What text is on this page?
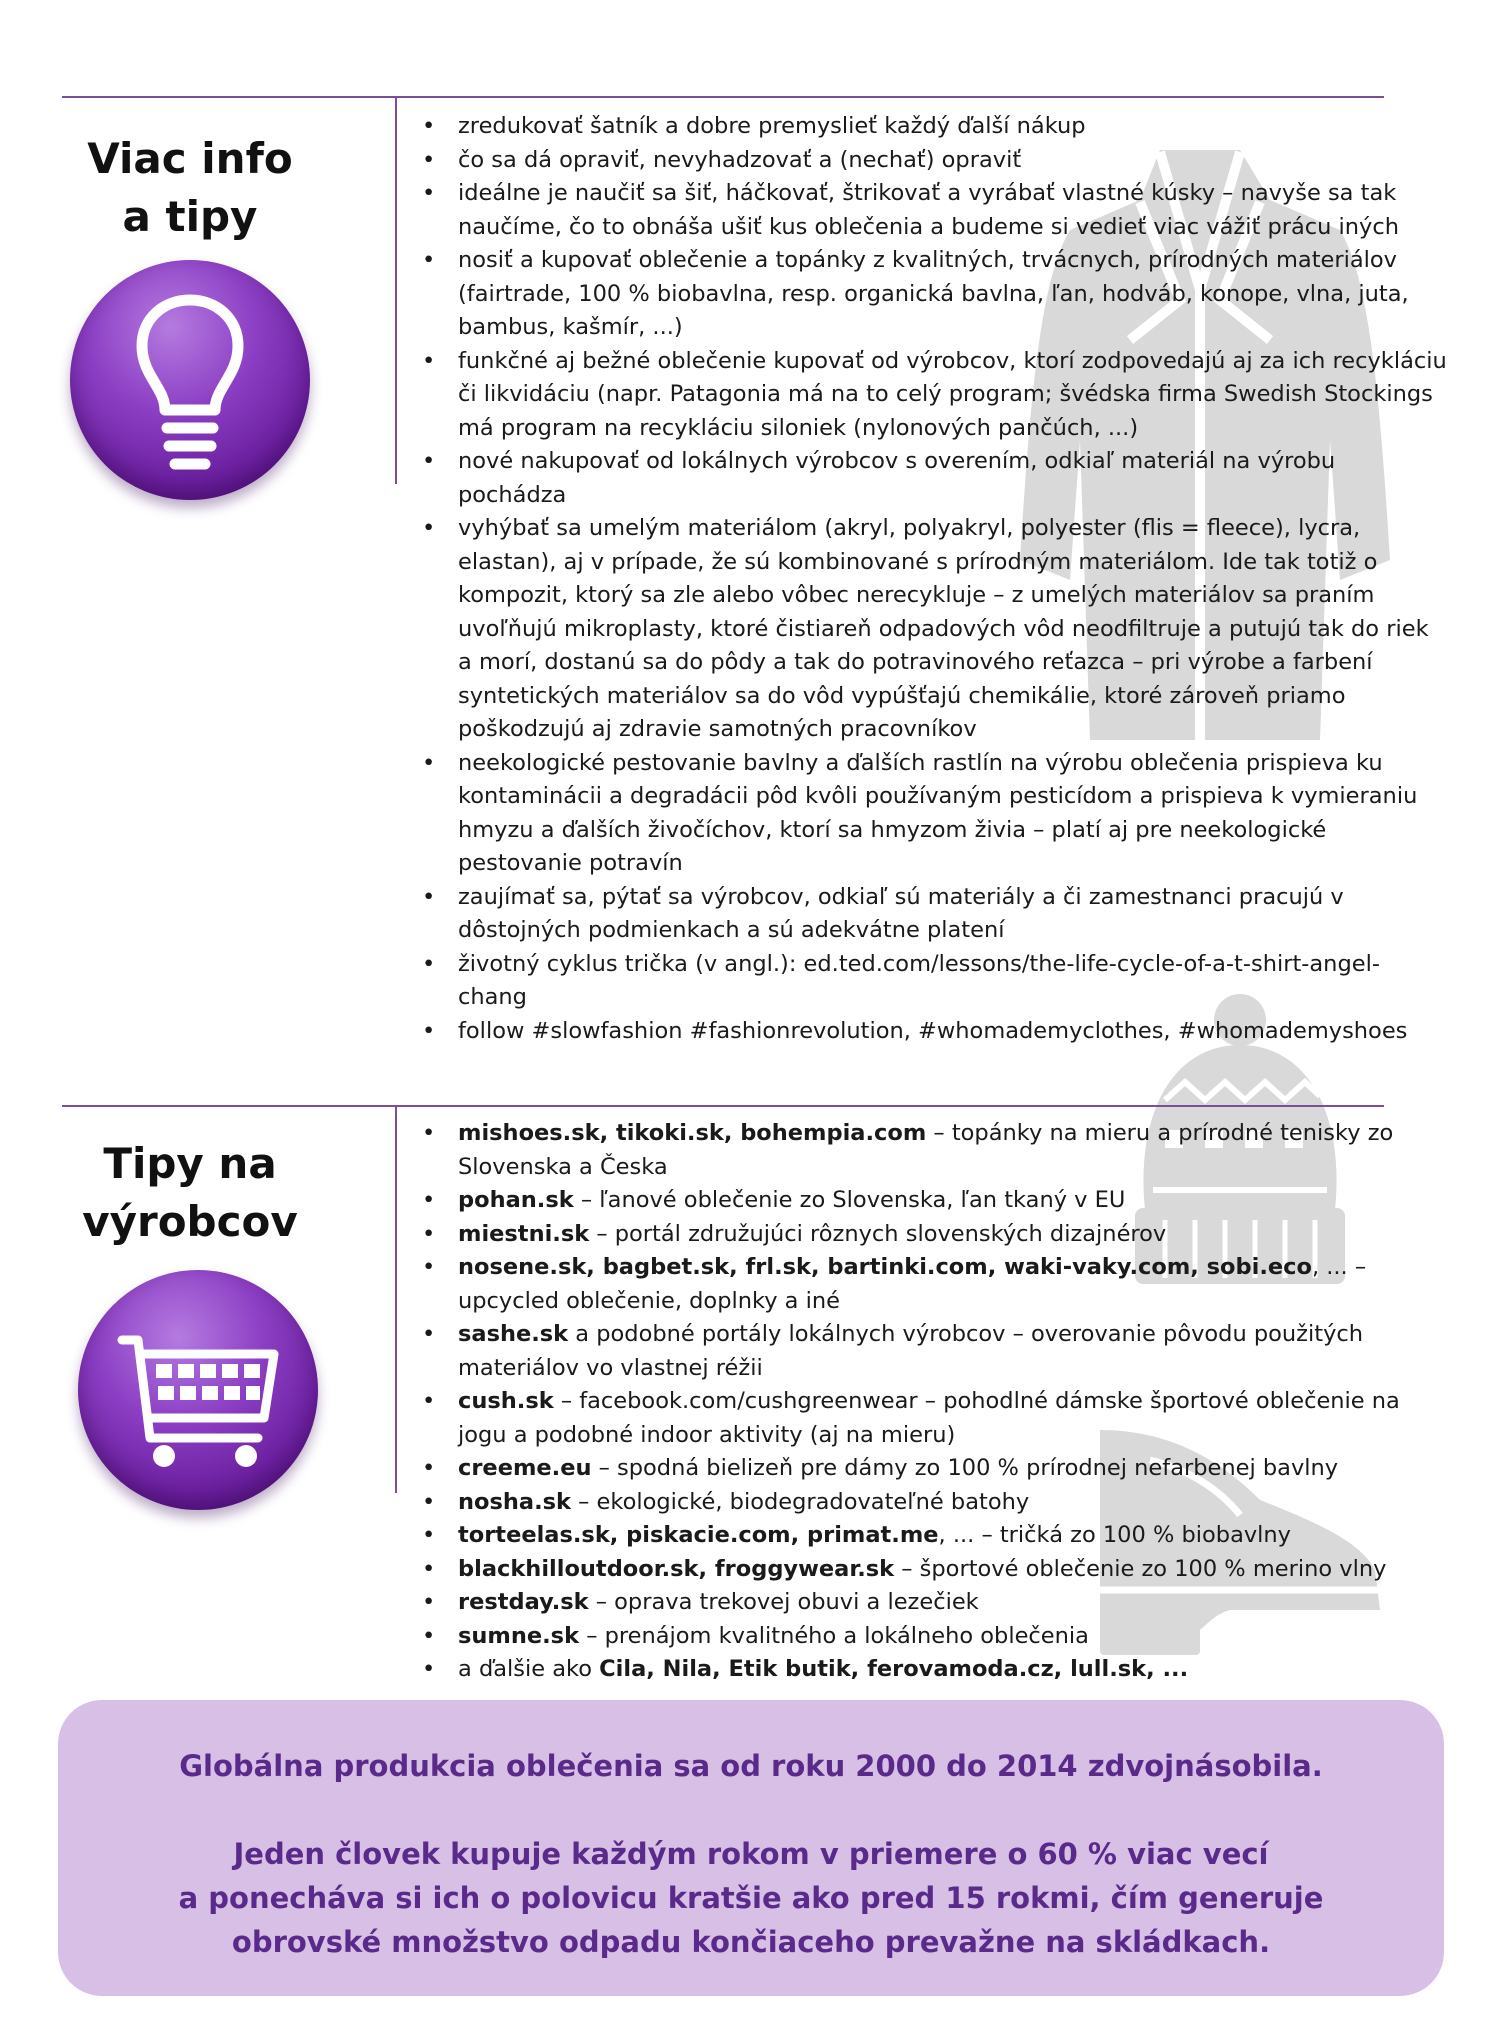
Viac info
a tipy
• zredukovať šatník a dobre premyslieť každý ďalší nákup
• čo sa dá opraviť, nevyhadzovať a (nechať) opraviť
• ideálne je naučiť sa šiť, háčkovať, štrikovať a vyrábať vlastné kúsky – navyše sa tak naučíme, čo to obnáša ušiť kus oblečenia a budeme si vedieť viac vážiť prácu iných
• nosiť a kupovať oblečenie a topánky z kvalitných, trvácnych, prírodných materiálov (fairtrade, 100 % biobavlna, resp. organická bavlna, ľan, hodváb, konope, vlna, juta, bambus, kašmír, ...)
• funkčné aj bežné oblečenie kupovať od výrobcov, ktorí zodpovedajú aj za ich recykláciu či likvidáciu (napr. Patagonia má na to celý program; švédska firma Swedish Stockings má program na recykláciu siloniek (nylonových pančúch, ...)
• nové nakupovať od lokálnych výrobcov s overením, odkiaľ materiál na výrobu pochádza
• vyhýbať sa umelým materiálom (akryl, polyakryl, polyester (flis = fleece), lycra, elastan), aj v prípade, že sú kombinované s prírodným materiálom. Ide tak totiž o kompozit, ktorý sa zle alebo vôbec nerecykluje – z umelých materiálov sa praním uvoľňujú mikroplasty, ktoré čistiareň odpadových vôd neodfiltruje a putujú tak do riek a morí, dostanú sa do pôdy a tak do potravinového reťazca – pri výrobe a farbení syntetických materiálov sa do vôd vypúšťajú chemikálie, ktoré zároveň priamo poškodzujú aj zdravie samotných pracovníkov
• neekologické pestovanie bavlny a ďalších rastlín na výrobu oblečenia prispieva ku kontaminácii a degradácii pôd kvôli používaným pesticídom a prispieva k vymieraniu hmyzu a ďalších živočíchov, ktorí sa hmyzom živia – platí aj pre neekologické pestovanie potravín
• zaujímať sa, pýtať sa výrobcov, odkiaľ sú materiály a či zamestnanci pracujú v dôstojných podmienkach a sú adekvátne platení
• životný cyklus trička (v angl.): ed.ted.com/lessons/the-life-cycle-of-a-t-shirt-angel-chang
• follow #slowfashion #fashionrevolution, #whomademyclothes, #whomademyshoes
Tipy na
výrobcov
• mishoes.sk, tikoki.sk, bohempia.com – topánky na mieru a prírodné tenisky zo Slovenska a Česka
• pohan.sk – ľanové oblečenie zo Slovenska, ľan tkaný v EU
• miestni.sk – portál združujúci rôznych slovenských dizajnérov
• nosene.sk, bagbet.sk, frl.sk, bartinki.com, waki-vaky.com, sobi.eco, ... – upcycled oblečenie, doplnky a iné
• sashe.sk a podobné portály lokálnych výrobcov – overovanie pôvodu použitých materiálov vo vlastnej réžii
• cush.sk – facebook.com/cushgreenwear – pohodlné dámske športové oblečenie na jogu a podobné indoor aktivity (aj na mieru)
• creeme.eu – spodná bielizeň pre dámy zo 100 % prírodnej nefarbenej bavlny
• nosha.sk – ekologické, biodegradovateľné batohy
• torteelas.sk, piskacie.com, primat.me, ... – tričká zo 100 % biobavlny
• blackhilloutdoor.sk, froggywear.sk – športové oblečenie zo 100 % merino vlny
• restday.sk – oprava trekovej obuvi a lezečiek
• sumne.sk – prenájom kvalitného a lokálneho oblečenia
• a ďalšie ako Cila, Nila, Etik butik, ferovamoda.cz, lull.sk, ...

Globálna produkcia oblečenia sa od roku 2000 do 2014 zdvojnásobila.

Jeden človek kupuje každým rokom v priemere o 60 % viac vecí

a ponecháva si ich o polovicu kratšie ako pred 15 rokmi, čím generuje

obrovské množstvo odpadu končiaceho prevažne na skládkach.
